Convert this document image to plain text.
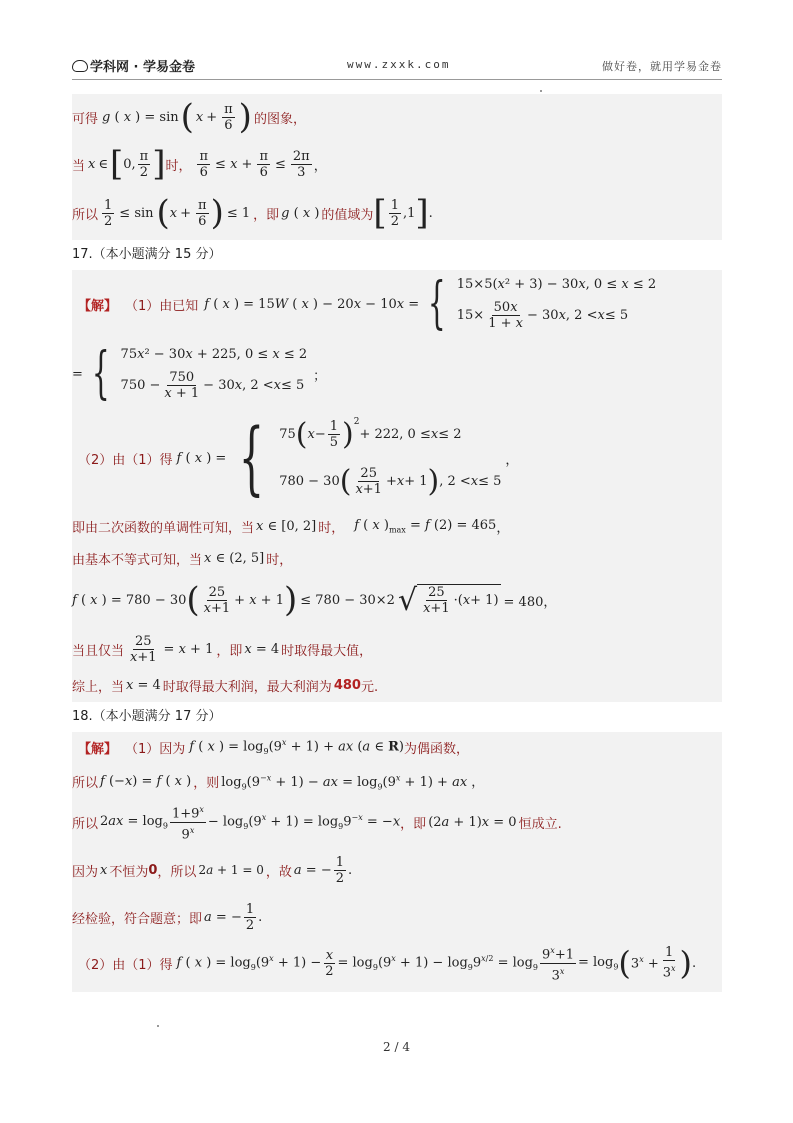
学科网 · 学易金卷	www.zxxk.com	做好卷，就用学易金卷
可得 g ( x ) = sin ( $x + \frac{\pi}{6}$ ) 的图象，
当 x ∈ [ 0, $\frac{\pi}{2}$ ] 时， $\frac{\pi}{6} \le x + \frac{\pi}{6} \le \frac{2\pi}{3}$ ，
所以 $\frac{1}{2} \le \sin$ ( $x + \frac{\pi}{6}$ ) ≤ 1 ，即 g ( x ) 的值域为 [ $\frac{1}{2} ,1$ ] .
17.（本小题满分 15 分）
【解】 （1）由已知 f ( x ) = 15W ( x ) − 20x − 10x = { 15×5(x² + 3) − 30x, 0 ≤ x ≤ 2
$15\times \frac{50x}{1 + x} - 30$ x , 2 < x ≤ 5
= { 75x² − 30x + 225, 0 ≤ x ≤ 2
$750 - \frac{750}{x + 1} - 30$ x , 2 < x ≤ 5
；
（2）由（1）得 f ( x ) = { 75 ( $x - \frac{1}{5} )^2$
+ 222, 0 ≤ x ≤ 2
780 − 30 ( $\frac{25}{x+1} + x + 1$ ) , 2 < x ≤ 5
，
即由二次函数的单调性可知，当 x ∈ [0, 2] 时， f ( x )$_{max} = f$ (2) = 465 ，
由基本不等式可知，当 x ∈ (2, 5] 时，
f ( x ) = 780 − 30 ( $\frac{25}{x+1} + x + 1$ ) ≤ 780 − 30×2 √ $\frac{25}{x+1}$ ·( x + 1) = 480，
当且仅当 $\frac{25}{x+1} = x + 1$ ，即 x = 4 时取得最大值，
综上，当 x = 4 时取得最大利润，最大利润为 480 元.
18.（本小题满分 17 分）
【解】 （1）因为 f ( x ) = $\log_9(9^x + 1)$ + ax (a ∈ R) 为偶函数，
所以 f (−x) = f ( x ) ，则 $\log_9(9^{-x} + 1)$ − ax = $\log_9(9^x + 1)$ + ax ，
所以 $2ax = \log_9 \frac{1+9^x}{9^x} - \log_9(9^x + 1) = \log_99^{-x} = -x$ ，即 (2a + 1)x = 0 恒成立.
因为 x 不恒为 0 ，所以 2a + 1 = 0 ，故 a = − $\frac{1}{2}$ .
经检验，符合题意；即 a = − $\frac{1}{2}$ .
（2）由（1）得 f ( x ) = $\log_9(9^x + 1) - \frac{x}{2} = \log_9(9^x + 1) - \log_99^{x/2} = \log_9 \frac{9^x+1}{3^x} = \log_9$ ( $3^x + \frac{1}{3^x}$ ) .
2 / 4
